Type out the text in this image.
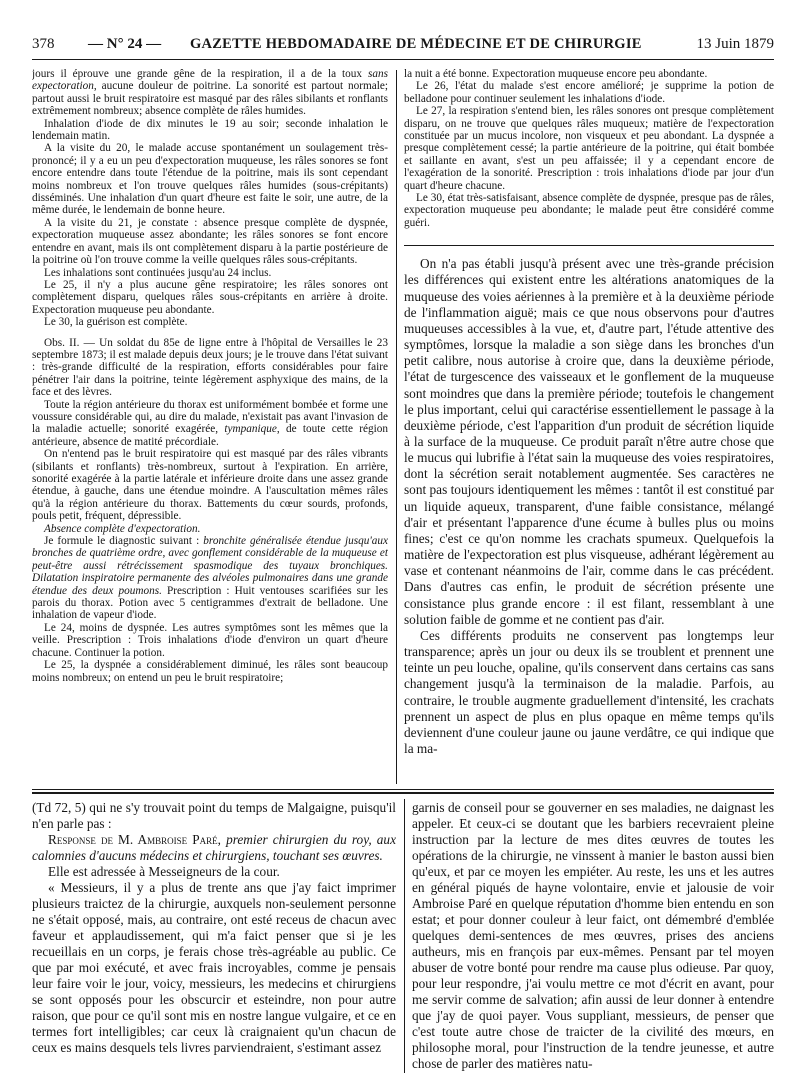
378 — N° 24 — GAZETTE HEBDOMADAIRE DE MÉDECINE ET DE CHIRURGIE	13 Juin 1879

jours il éprouve une grande gêne de la respiration, il a de la toux sans expectoration, aucune douleur de poitrine. La sonorité est partout normale; partout aussi le bruit respiratoire est masqué par des râles sibilants et ronflants extrêmement nombreux; absence complète de râles humides.

Inhalation d'iode de dix minutes le 19 au soir; seconde inhalation le lendemain matin.

A la visite du 20, le malade accuse spontanément un soulagement très-prononcé; il y a eu un peu d'expectoration muqueuse, les râles sonores se font encore entendre dans toute l'étendue de la poitrine, mais ils sont cependant moins nombreux et l'on trouve quelques râles humides (sous-crépitants) disséminés. Une inhalation d'un quart d'heure est faite le soir, une autre, de la même durée, le lendemain de bonne heure.

A la visite du 21, je constate : absence presque complète de dyspnée, expectoration muqueuse assez abondante; les râles sonores se font encore entendre en avant, mais ils ont complètement disparu à la partie postérieure de la poitrine où l'on trouve comme la veille quelques râles sous-crépitants.

Les inhalations sont continuées jusqu'au 24 inclus.

Le 25, il n'y a plus aucune gêne respiratoire; les râles sonores ont complètement disparu, quelques râles sous-crépitants en arrière à droite. Expectoration muqueuse peu abondante.

Le 30, la guérison est complète.

Obs. II. — Un soldat du 85e de ligne entre à l'hôpital de Versailles le 23 septembre 1873; il est malade depuis deux jours; je le trouve dans l'état suivant : très-grande difficulté de la respiration, efforts considérables pour faire pénétrer l'air dans la poitrine, teinte légèrement asphyxique des mains, de la face et des lèvres.

Toute la région antérieure du thorax est uniformément bombée et forme une voussure considérable qui, au dire du malade, n'existait pas avant l'invasion de la maladie actuelle; sonorité exagérée, tympanique, de toute cette région antérieure, absence de matité précordiale.

On n'entend pas le bruit respiratoire qui est masqué par des râles vibrants (sibilants et ronflants) très-nombreux, surtout à l'expiration. En arrière, sonorité exagérée à la partie latérale et inférieure droite dans une assez grande étendue, à gauche, dans une étendue moindre. A l'auscultation mêmes râles qu'à la région antérieure du thorax. Battements du cœur sourds, profonds, pouls petit, fréquent, dépressible.

Absence complète d'expectoration.

Je formule le diagnostic suivant : bronchite généralisée étendue jusqu'aux bronches de quatrième ordre, avec gonflement considérable de la muqueuse et peut-être aussi rétrécissement spasmodique des tuyaux bronchiques. Dilatation inspiratoire permanente des alvéoles pulmonaires dans une grande étendue des deux poumons. Prescription : Huit ventouses scarifiées sur les parois du thorax. Potion avec 5 centigrammes d'extrait de belladone. Une inhalation de vapeur d'iode.

Le 24, moins de dyspnée. Les autres symptômes sont les mêmes que la veille. Prescription : Trois inhalations d'iode d'environ un quart d'heure chacune. Continuer la potion.

Le 25, la dyspnée a considérablement diminué, les râles sont beaucoup moins nombreux; on entend un peu le bruit respiratoire;

la nuit a été bonne. Expectoration muqueuse encore peu abondante.

Le 26, l'état du malade s'est encore amélioré; je supprime la potion de belladone pour continuer seulement les inhalations d'iode.

Le 27, la respiration s'entend bien, les râles sonores ont presque complètement disparu, on ne trouve que quelques râles muqueux; matière de l'expectoration constituée par un mucus incolore, non visqueux et peu abondant. La dyspnée a presque complètement cessé; la partie antérieure de la poitrine, qui était bombée et saillante en avant, s'est un peu affaissée; il y a cependant encore de l'exagération de la sonorité. Prescription : trois inhalations d'iode par jour d'un quart d'heure chacune.

Le 30, état très-satisfaisant, absence complète de dyspnée, presque pas de râles, expectoration muqueuse peu abondante; le malade peut être considéré comme guéri.

On n'a pas établi jusqu'à présent avec une très-grande précision les différences qui existent entre les altérations anatomiques de la muqueuse des voies aériennes à la première et à la deuxième période de l'inflammation aiguë; mais ce que nous observons pour d'autres muqueuses accessibles à la vue, et, d'autre part, l'étude attentive des symptômes, lorsque la maladie a son siège dans les bronches d'un petit calibre, nous autorise à croire que, dans la deuxième période, l'état de turgescence des vaisseaux et le gonflement de la muqueuse sont moindres que dans la première période; toutefois le changement le plus important, celui qui caractérise essentiellement le passage à la deuxième période, c'est l'apparition d'un produit de sécrétion liquide à la surface de la muqueuse. Ce produit paraît n'être autre chose que le mucus qui lubrifie à l'état sain la muqueuse des voies respiratoires, dont la sécrétion serait notablement augmentée. Ses caractères ne sont pas toujours identiquement les mêmes : tantôt il est constitué par un liquide aqueux, transparent, d'une faible consistance, mélangé d'air et présentant l'apparence d'une écume à bulles plus ou moins fines; c'est ce qu'on nomme les crachats spumeux. Quelquefois la matière de l'expectoration est plus visqueuse, adhérant légèrement au vase et contenant néanmoins de l'air, comme dans le cas précédent. Dans d'autres cas enfin, le produit de sécrétion présente une consistance plus grande encore : il est filant, ressemblant à une solution faible de gomme et ne contient pas d'air.

Ces différents produits ne conservent pas longtemps leur transparence; après un jour ou deux ils se troublent et prennent une teinte un peu louche, opaline, qu'ils conservent dans certains cas sans changement jusqu'à la terminaison de la maladie. Parfois, au contraire, le trouble augmente graduellement d'intensité, les crachats prennent un aspect de plus en plus opaque en même temps qu'ils deviennent d'une couleur jaune ou jaune verdâtre, ce qui indique que la ma-

(Td 72, 5) qui ne s'y trouvait point du temps de Malgaigne, puisqu'il n'en parle pas :

Response de M. Ambroise Paré, premier chirurgien du roy, aux calomnies d'aucuns médecins et chirurgiens, touchant ses œuvres.

Elle est adressée à Messeigneurs de la cour.

« Messieurs, il y a plus de trente ans que j'ay faict imprimer plusieurs traictez de la chirurgie, auxquels non-seulement personne ne s'était opposé, mais, au contraire, ont esté receus de chacun avec faveur et applaudissement, qui m'a faict penser que si je les recueillais en un corps, je ferais chose très-agréable au public. Ce que par moi exécuté, et avec frais incroyables, comme je pensais leur faire voir le jour, voicy, messieurs, les medecins et chirurgiens se sont opposés pour les obscurcir et esteindre, non pour autre raison, que pour ce qu'il sont mis en nostre langue vulgaire, et ce en termes fort intelligibles; car ceux là craignaient qu'un chacun de ceux es mains desquels tels livres parviendraient, s'estimant assez

garnis de conseil pour se gouverner en ses maladies, ne daignast les appeler. Et ceux-ci se doutant que les barbiers recevraient pleine instruction par la lecture de mes dites œuvres de toutes les opérations de la chirurgie, ne vinssent à manier le baston aussi bien qu'eux, et par ce moyen les empiéter. Au reste, les uns et les autres en général piqués de hayne volontaire, envie et jalousie de voir Ambroise Paré en quelque réputation d'homme bien entendu en son estat; et pour donner couleur à leur faict, ont démembré d'emblée quelques demi-sentences de mes œuvres, prises des anciens autheurs, mis en françois par eux-mêmes. Pensant par tel moyen abuser de votre bonté pour rendre ma cause plus odieuse. Par quoy, pour leur respondre, j'ai voulu mettre ce mot d'écrit en avant, pour me servir comme de salvation; afin aussi de leur donner à entendre que j'ay de quoi payer. Vous suppliant, messieurs, de penser que c'est toute autre chose de traicter de la civilité des mœurs, en philosophe moral, pour l'instruction de la tendre jeunesse, et autre chose de parler des matières natu-
